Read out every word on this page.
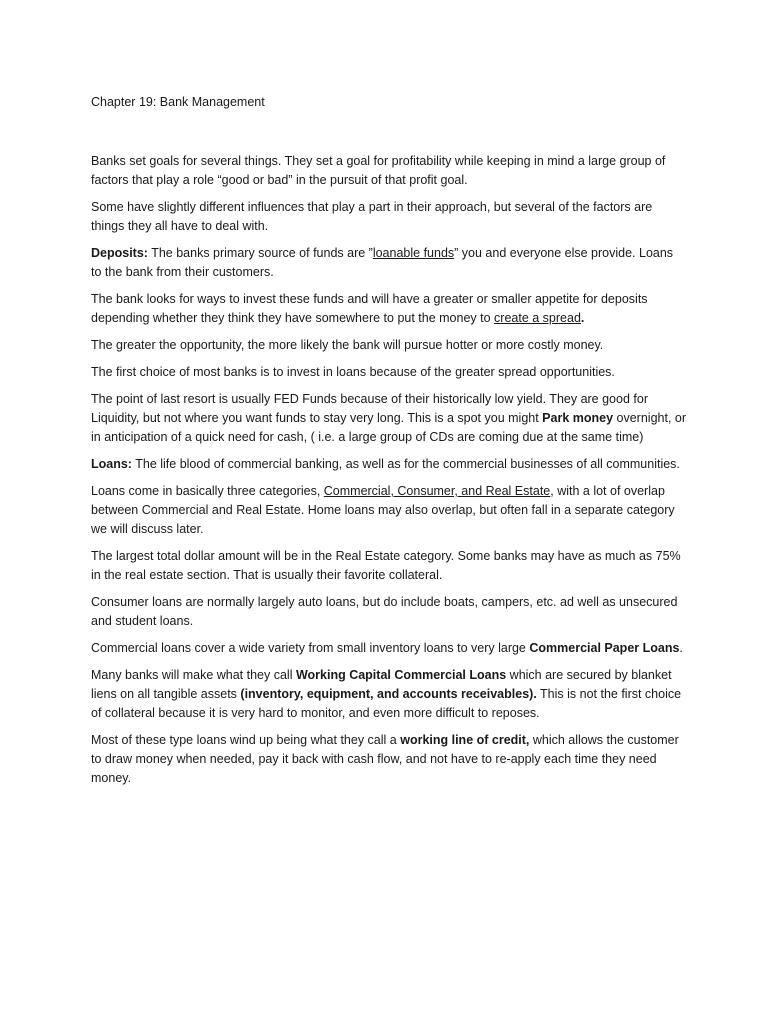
Chapter 19: Bank Management

Banks set goals for several things. They set a goal for profitability while keeping in mind a large group of factors that play a role “good or bad” in the pursuit of that profit goal.

Some have slightly different influences that play a part in their approach, but several of the factors are things they all have to deal with.

Deposits: The banks primary source of funds are ”loanable funds” you and everyone else provide. Loans to the bank from their customers.

The bank looks for ways to invest these funds and will have a greater or smaller appetite for deposits depending whether they think they have somewhere to put the money to create a spread.

The greater the opportunity, the more likely the bank will pursue hotter or more costly money.

The first choice of most banks is to invest in loans because of the greater spread opportunities.

The point of last resort is usually FED Funds because of their historically low yield. They are good for Liquidity, but not where you want funds to stay very long. This is a spot you might Park money overnight, or in anticipation of a quick need for cash, ( i.e. a large group of CDs are coming due at the same time)

Loans: The life blood of commercial banking, as well as for the commercial businesses of all communities.

Loans come in basically three categories, Commercial, Consumer, and Real Estate, with a lot of overlap between Commercial and Real Estate. Home loans may also overlap, but often fall in a separate category we will discuss later.

The largest total dollar amount will be in the Real Estate category. Some banks may have as much as 75% in the real estate section. That is usually their favorite collateral.

Consumer loans are normally largely auto loans, but do include boats, campers, etc. ad well as unsecured and student loans.

Commercial loans cover a wide variety from small inventory loans to very large Commercial Paper Loans.

Many banks will make what they call Working Capital Commercial Loans which are secured by blanket liens on all tangible assets (inventory, equipment, and accounts receivables). This is not the first choice of collateral because it is very hard to monitor, and even more difficult to reposes.

Most of these type loans wind up being what they call a working line of credit, which allows the customer to draw money when needed, pay it back with cash flow, and not have to re-apply each time they need money.
